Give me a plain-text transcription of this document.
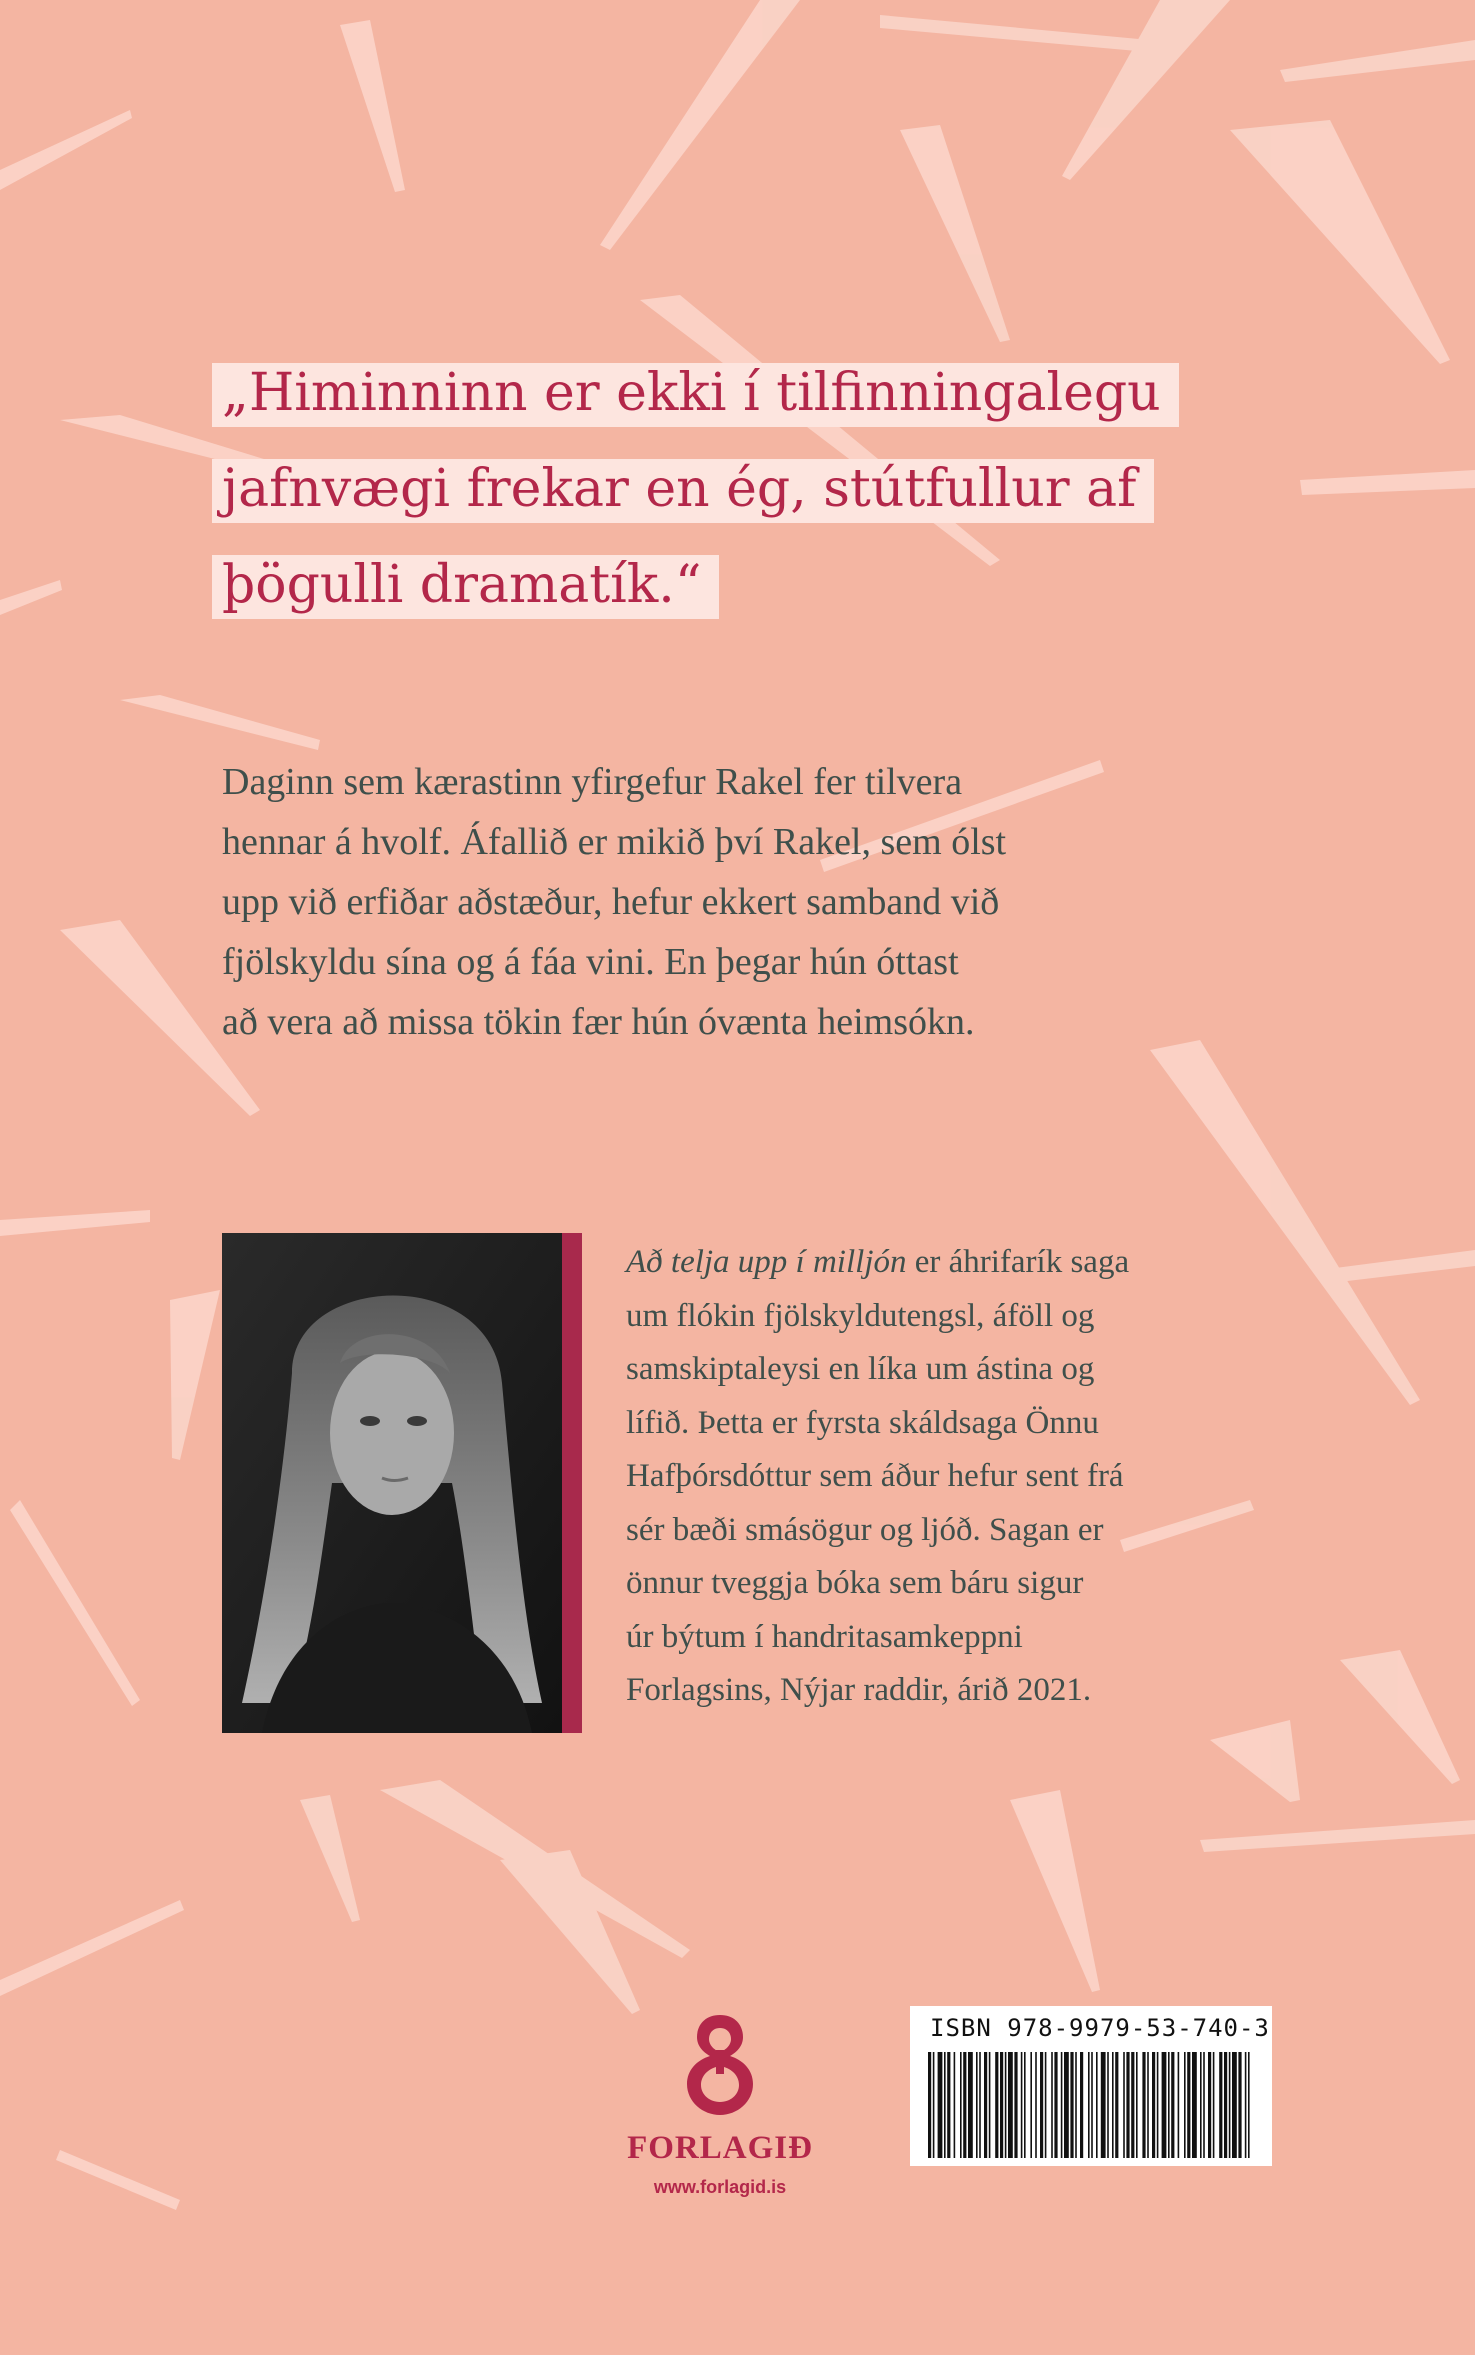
„Himinninn er ekki í tilfinningalegu
jafnvægi frekar en ég, stútfullur af
þögulli dramatík.“
Daginn sem kærastinn yfirgefur Rakel fer tilvera
hennar á hvolf. Áfallið er mikið því Rakel, sem ólst
upp við erfiðar aðstæður, hefur ekkert samband við
fjölskyldu sína og á fáa vini. En þegar hún óttast
að vera að missa tökin fær hún óvænta heimsókn.
Að telja upp í milljón er áhrifarík saga
um flókin fjölskyldutengsl, áföll og
samskiptaleysi en líka um ástina og
lífið. Þetta er fyrsta skáldsaga Önnu
Hafþórsdóttur sem áður hefur sent frá
sér bæði smásögur og ljóð. Sagan er
önnur tveggja bóka sem báru sigur
úr býtum í handritasamkeppni
Forlagsins, Nýjar raddir, árið 2021.
FORLAGIÐ
www.forlagid.is
ISBN 978-9979-53-740-3
